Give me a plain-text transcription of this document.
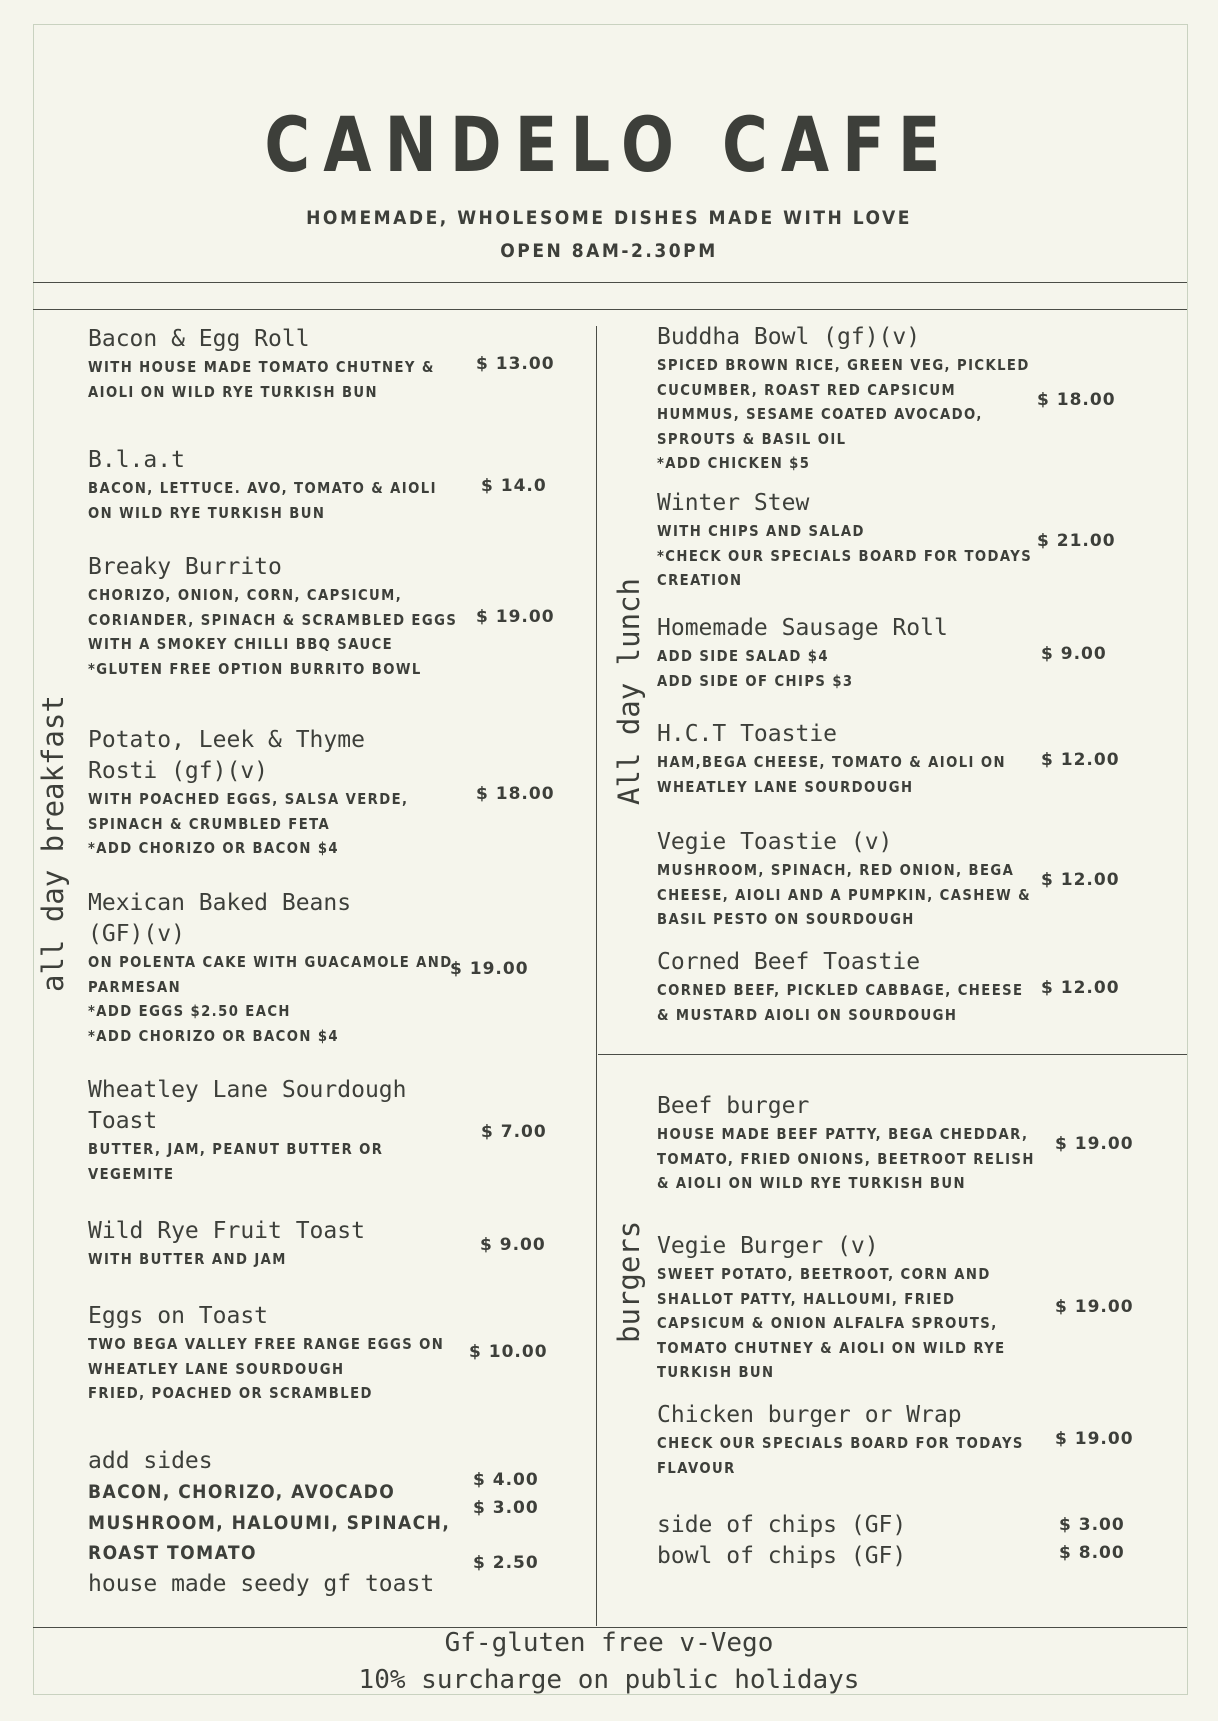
CANDELO CAFE
HOMEMADE, WHOLESOME DISHES MADE WITH LOVE
OPEN 8AM-2.30PM
all day breakfast
All day lunch
burgers
Bacon & Egg Roll
WITH HOUSE MADE TOMATO CHUTNEY &
AIOLI ON WILD RYE TURKISH BUN
$ 13.00
B.l.a.t
BACON, LETTUCE. AVO, TOMATO & AIOLI
ON WILD RYE TURKISH BUN
$ 14.0
Breaky Burrito
CHORIZO, ONION, CORN, CAPSICUM,
CORIANDER, SPINACH & SCRAMBLED EGGS
WITH A SMOKEY CHILLI BBQ SAUCE
*GLUTEN FREE OPTION BURRITO BOWL
$ 19.00
Potato, Leek & Thyme
Rosti (gf)(v)
WITH POACHED EGGS, SALSA VERDE,
SPINACH & CRUMBLED FETA
*ADD CHORIZO OR BACON $4
$ 18.00
Mexican Baked Beans
(GF)(v)
ON POLENTA CAKE WITH GUACAMOLE AND
PARMESAN
*ADD EGGS $2.50 EACH
*ADD CHORIZO OR BACON $4
$ 19.00
Wheatley Lane Sourdough
Toast
BUTTER, JAM, PEANUT BUTTER OR
VEGEMITE
$ 7.00
Wild Rye Fruit Toast
WITH BUTTER AND JAM
$ 9.00
Eggs on Toast
TWO BEGA VALLEY FREE RANGE EGGS ON
WHEATLEY LANE SOURDOUGH
FRIED, POACHED OR SCRAMBLED
$ 10.00
add sides
BACON, CHORIZO, AVOCADO
MUSHROOM, HALOUMI, SPINACH,
ROAST TOMATO
house made seedy gf toast
$ 4.00
$ 3.00
$ 2.50
Buddha Bowl (gf)(v)
SPICED BROWN RICE, GREEN VEG, PICKLED
CUCUMBER, ROAST RED CAPSICUM
HUMMUS, SESAME COATED AVOCADO,
SPROUTS & BASIL OIL
*ADD CHICKEN $5
$ 18.00
Winter Stew
WITH CHIPS AND SALAD
*CHECK OUR SPECIALS BOARD FOR TODAYS
CREATION
$ 21.00
Homemade Sausage Roll
ADD SIDE SALAD $4
ADD SIDE OF CHIPS $3
$ 9.00
H.C.T Toastie
HAM,BEGA CHEESE, TOMATO & AIOLI ON
WHEATLEY LANE SOURDOUGH
$ 12.00
Vegie Toastie (v)
MUSHROOM, SPINACH, RED ONION, BEGA
CHEESE, AIOLI AND A PUMPKIN, CASHEW &
BASIL PESTO ON SOURDOUGH
$ 12.00
Corned Beef Toastie
CORNED BEEF, PICKLED CABBAGE, CHEESE
& MUSTARD AIOLI ON SOURDOUGH
$ 12.00
Beef burger
HOUSE MADE BEEF PATTY, BEGA CHEDDAR,
TOMATO, FRIED ONIONS, BEETROOT RELISH
& AIOLI ON WILD RYE TURKISH BUN
$ 19.00
Vegie Burger (v)
SWEET POTATO, BEETROOT, CORN AND
SHALLOT PATTY, HALLOUMI, FRIED
CAPSICUM & ONION ALFALFA SPROUTS,
TOMATO CHUTNEY & AIOLI ON WILD RYE
TURKISH BUN
$ 19.00
Chicken burger or Wrap
CHECK OUR SPECIALS BOARD FOR TODAYS
FLAVOUR
$ 19.00
side of chips (GF)	$ 3.00
bowl of chips (GF)	$ 8.00
Gf-gluten free v-Vego
10% surcharge on public holidays
